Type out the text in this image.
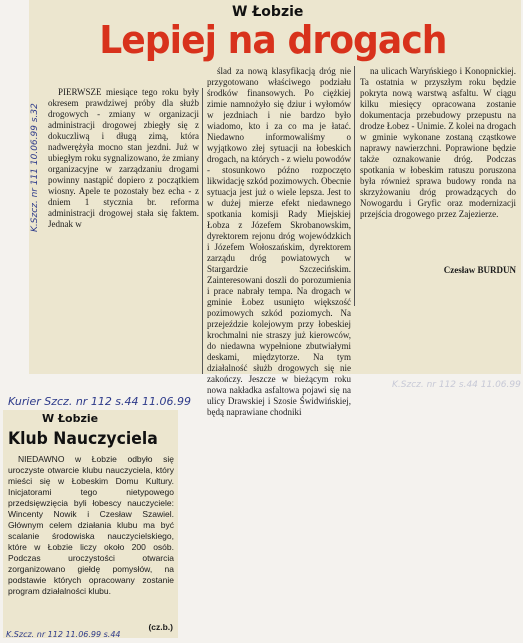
W Łobzie
Lepiej na drogach
K.Szcz. nr 111 10.06.99 s.32

PIERWSZE miesiące tego roku były okresem prawdziwej próby dla służb drogowych - zmiany w organizacji administracji drogowej zbiegły się z dokuczliwą i długą zimą, która nadwerężyła mocno stan jezdni. Już w ubiegłym roku sygnalizowano, że zmiany organizacyjne w zarządzaniu drogami powinny nastąpić dopiero z początkiem wiosny. Apele te pozostały bez echa - z dniem 1 stycznia br. reforma administracji drogowej stała się faktem. Jednak w

ślad za nową klasyfikacją dróg nie przygotowano właściwego podziału środków finansowych. Po ciężkiej zimie namnożyło się dziur i wyłomów w jezdniach i nie bardzo było wiadomo, kto i za co ma je łatać. Niedawno informowaliśmy o wyjątkowo złej sytuacji na łobeskich drogach, na których - z wielu powodów - stosunkowo późno rozpoczęto likwidację szkód pozimowych. Obecnie sytuacja jest już o wiele lepsza. Jest to w dużej mierze efekt niedawnego spotkania komisji Rady Miejskiej Łobza z Józefem Skrobanowskim, dyrektorem rejonu dróg wojewódzkich i Józefem Wołoszańskim, dyrektorem zarządu dróg powiatowych w Stargardzie Szczecińskim. Zainteresowani doszli do porozumienia i prace nabrały tempa. Na drogach w gminie Łobez usunięto większość pozimowych szkód poziomych. Na przejeździe kolejowym przy łobeskiej krochmalni nie straszy już kierowców, do niedawna wypełnione zbutwiałymi deskami, międzytorze. Na tym działalność służb drogowych się nie zakończy. Jeszcze w bieżącym roku nowa nakładka asfaltowa pojawi się na ulicy Drawskiej i Szosie Świdwińskiej, będą naprawiane chodniki

na ulicach Waryńskiego i Konopnickiej. Ta ostatnia w przyszłym roku będzie pokryta nową warstwą asfaltu. W ciągu kilku miesięcy opracowana zostanie dokumentacja przebudowy przepustu na drodze Łobez - Unimie. Z kolei na drogach w gminie wykonane zostaną cząstkowe naprawy nawierzchni. Poprawione będzie także oznakowanie dróg. Podczas spotkania w łobeskim ratuszu poruszona była również sprawa budowy ronda na skrzyżowaniu dróg prowadzących do Nowogardu i Gryfic oraz modernizacji przejścia drogowego przez Zajezierze.

Czesław BURDUN
Kurier Szcz. nr 112 s.44 11.06.99
W Łobzie
Klub Nauczyciela

NIEDAWNO w Łobzie odbyło się uroczyste otwarcie klubu nauczyciela, który mieści się w Łobeskim Domu Kultury. Inicjatorami tego nietypowego przedsięwzięcia byli łobescy nauczyciele: Wincenty Nowik i Czesław Szawiel. Głównym celem działania klubu ma być scalanie środowiska nauczycielskiego, które w Łobzie liczy około 200 osób. Podczas uroczystości otwarcia zorganizowano giełdę pomysłów, na podstawie których opracowany zostanie program działalności klubu.

(cz.b.)
K.Szcz. nr 112 11.06.99 s.44
K.Szcz. nr 112 s.44 11.06.99
